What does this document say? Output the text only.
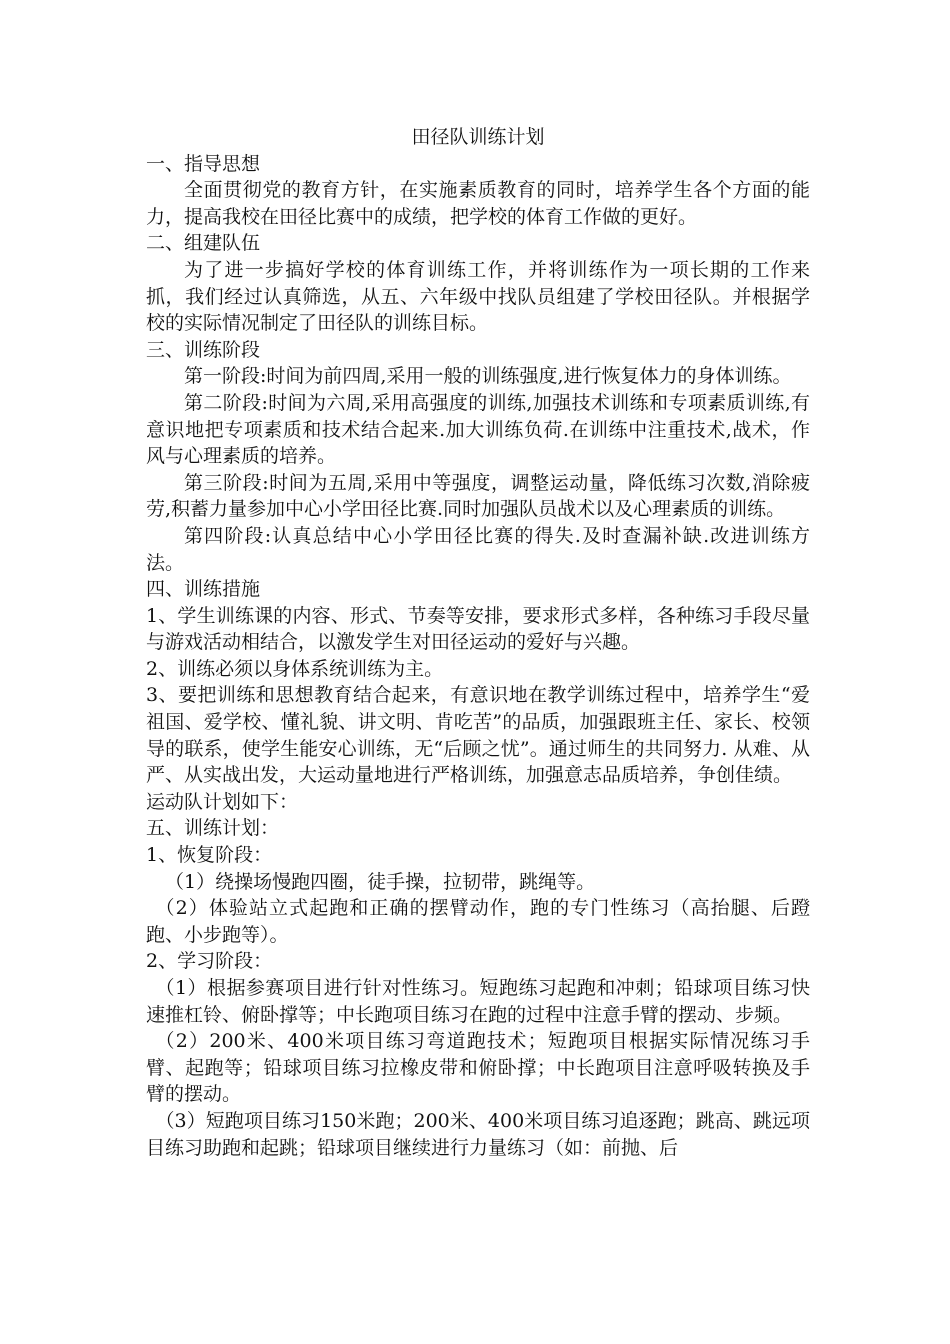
田径队训练计划

一、指导思想

全面贯彻党的教育方针，在实施素质教育的同时，培养学生各个方面的能力，提高我校在田径比赛中的成绩，把学校的体育工作做的更好。

二、组建队伍

为了进一步搞好学校的体育训练工作，并将训练作为一项长期的工作来抓，我们经过认真筛选，从五、六年级中找队员组建了学校田径队。并根据学校的实际情况制定了田径队的训练目标。

三、训练阶段

第一阶段:时间为前四周,采用一般的训练强度,进行恢复体力的身体训练。

第二阶段:时间为六周,采用高强度的训练,加强技术训练和专项素质训练,有意识地把专项素质和技术结合起来.加大训练负荷.在训练中注重技术,战术，作风与心理素质的培养。

第三阶段:时间为五周,采用中等强度，调整运动量，降低练习次数,消除疲劳,积蓄力量参加中心小学田径比赛.同时加强队员战术以及心理素质的训练。

第四阶段:认真总结中心小学田径比赛的得失.及时查漏补缺.改进训练方法。

四、训练措施

1、学生训练课的内容、形式、节奏等安排，要求形式多样，各种练习手段尽量与游戏活动相结合，以激发学生对田径运动的爱好与兴趣。

2、训练必须以身体系统训练为主。

3、要把训练和思想教育结合起来，有意识地在教学训练过程中，培养学生“爱祖国、爱学校、懂礼貌、讲文明、肯吃苦”的品质，加强跟班主任、家长、校领导的联系，使学生能安心训练，无“后顾之忧”。通过师生的共同努力. 从难、从严、从实战出发，大运动量地进行严格训练，加强意志品质培养，争创佳绩。

运动队计划如下：

五、训练计划：

1、恢复阶段：

（1）绕操场慢跑四圈，徒手操，拉韧带，跳绳等。

（2）体验站立式起跑和正确的摆臂动作，跑的专门性练习（高抬腿、后蹬跑、小步跑等）。

2、学习阶段：

（1）根据参赛项目进行针对性练习。短跑练习起跑和冲刺；铅球项目练习快速推杠铃、俯卧撑等；中长跑项目练习在跑的过程中注意手臂的摆动、步频。

（2）200米、400米项目练习弯道跑技术；短跑项目根据实际情况练习手臂、起跑等；铅球项目练习拉橡皮带和俯卧撑；中长跑项目注意呼吸转换及手臂的摆动。

（3）短跑项目练习150米跑；200米、400米项目练习追逐跑；跳高、跳远项目练习助跑和起跳；铅球项目继续进行力量练习（如：前抛、后
